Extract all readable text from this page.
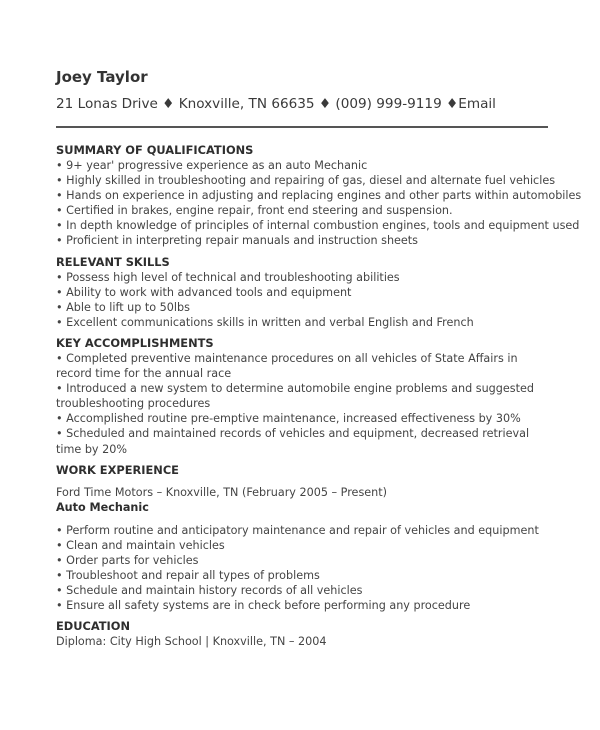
Joey Taylor
21 Lonas Drive ♦ Knoxville, TN 66635 ♦ (009) 999-9119 ♦Email
SUMMARY OF QUALIFICATIONS
• 9+ year' progressive experience as an auto Mechanic
• Highly skilled in troubleshooting and repairing of gas, diesel and alternate fuel vehicles
• Hands on experience in adjusting and replacing engines and other parts within automobiles
• Certified in brakes, engine repair, front end steering and suspension.
• In depth knowledge of principles of internal combustion engines, tools and equipment used
• Proficient in interpreting repair manuals and instruction sheets
RELEVANT SKILLS
• Possess high level of technical and troubleshooting abilities
• Ability to work with advanced tools and equipment
• Able to lift up to 50lbs
• Excellent communications skills in written and verbal English and French
KEY ACCOMPLISHMENTS
• Completed preventive maintenance procedures on all vehicles of State Affairs in record time for the annual race
• Introduced a new system to determine automobile engine problems and suggested troubleshooting procedures
• Accomplished routine pre-emptive maintenance, increased effectiveness by 30%
• Scheduled and maintained records of vehicles and equipment, decreased retrieval time by 20%
WORK EXPERIENCE
Ford Time Motors – Knoxville, TN (February 2005 – Present)
Auto Mechanic
• Perform routine and anticipatory maintenance and repair of vehicles and equipment
• Clean and maintain vehicles
• Order parts for vehicles
• Troubleshoot and repair all types of problems
• Schedule and maintain history records of all vehicles
• Ensure all safety systems are in check before performing any procedure
EDUCATION
Diploma: City High School | Knoxville, TN – 2004
